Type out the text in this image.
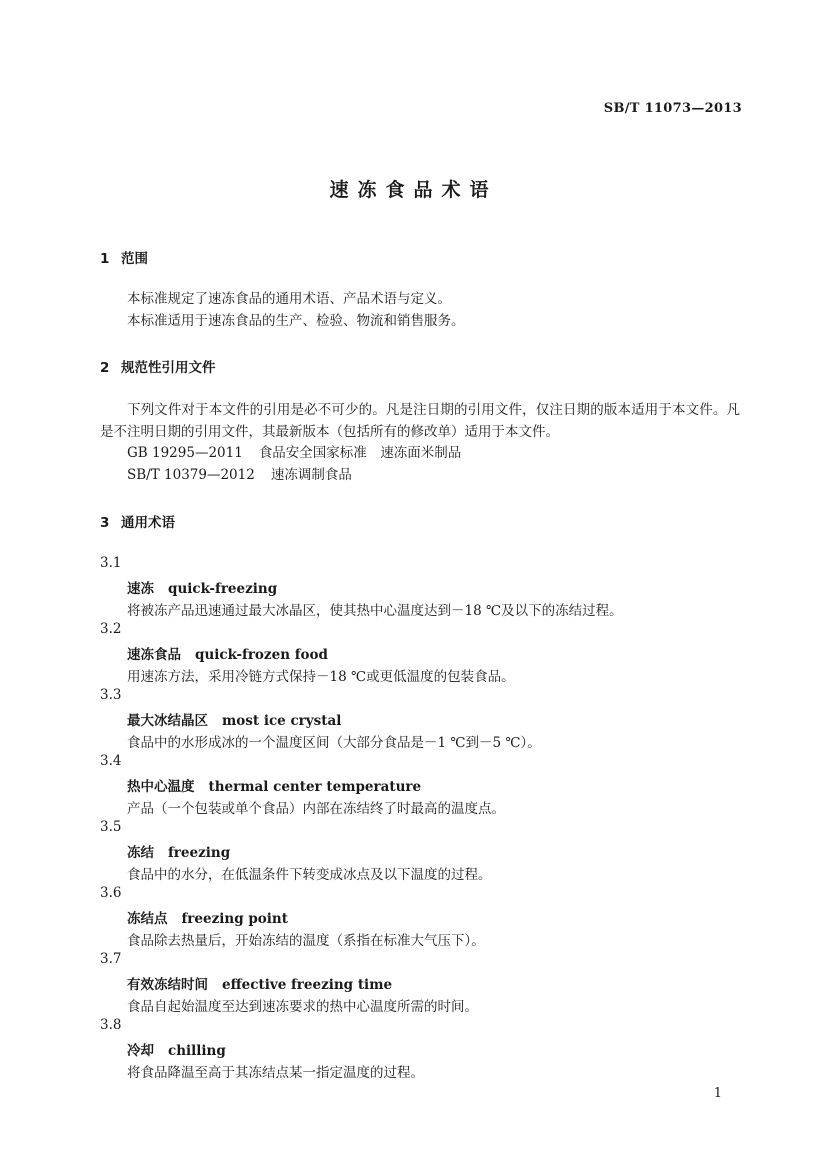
SB/T 11073—2013
速冻食品术语
1 范围
本标准规定了速冻食品的通用术语、产品术语与定义。
本标准适用于速冻食品的生产、检验、物流和销售服务。
2 规范性引用文件
下列文件对于本文件的引用是必不可少的。凡是注日期的引用文件，仅注日期的版本适用于本文件。凡是不注明日期的引用文件，其最新版本（包括所有的修改单）适用于本文件。
GB 19295—2011 食品安全国家标准　速冻面米制品
SB/T 10379—2012 速冻调制食品
3 通用术语
3.1
速冻 quick-freezing
将被冻产品迅速通过最大冰晶区，使其热中心温度达到－18 ℃及以下的冻结过程。
3.2
速冻食品 quick-frozen food
用速冻方法，采用冷链方式保持－18 ℃或更低温度的包装食品。
3.3
最大冰结晶区 most ice crystal
食品中的水形成冰的一个温度区间（大部分食品是－1 ℃到－5 ℃）。
3.4
热中心温度 thermal center temperature
产品（一个包装或单个食品）内部在冻结终了时最高的温度点。
3.5
冻结 freezing
食品中的水分，在低温条件下转变成冰点及以下温度的过程。
3.6
冻结点 freezing point
食品除去热量后，开始冻结的温度（系指在标准大气压下）。
3.7
有效冻结时间 effective freezing time
食品自起始温度至达到速冻要求的热中心温度所需的时间。
3.8
冷却 chilling
将食品降温至高于其冻结点某一指定温度的过程。
1
